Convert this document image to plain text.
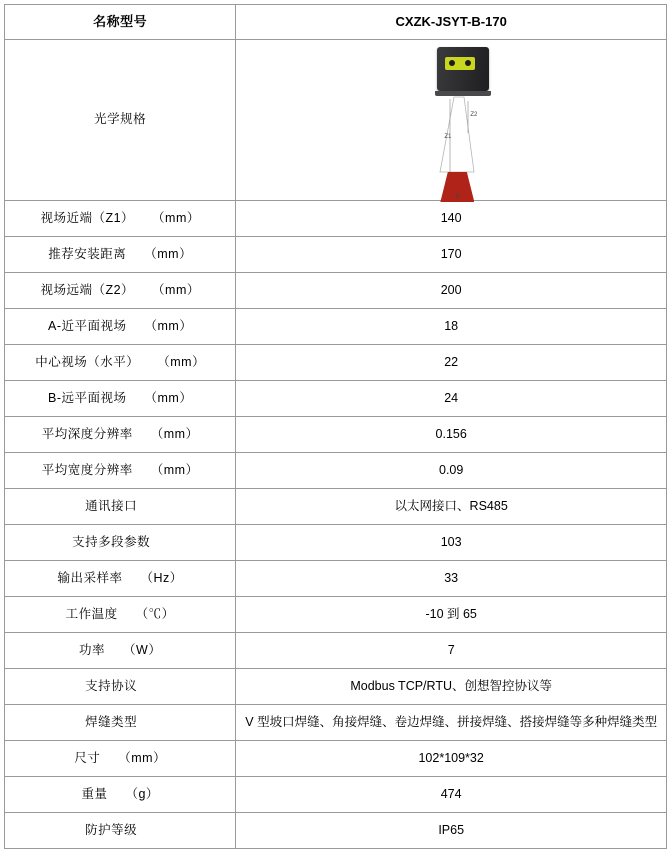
名称型号	CXZK-JSYT-B-170
光学规格	Z1
Z2
B

视场近端（Z1） （mm）	140
推荐安装距离 （mm）	170
视场远端（Z2） （mm）	200
A-近平面视场 （mm）	18
中心视场（水平） （mm）	22
B-远平面视场 （mm）	24
平均深度分辨率 （mm）	0.156
平均宽度分辨率 （mm）	0.09
通讯接口	以太网接口、RS485
支持多段参数	103
输出采样率 （Hz）	33
工作温度 （℃）	-10 到 65
功率 （W）	7
支持协议	Modbus TCP/RTU、创想智控协议等
焊缝类型	V 型坡口焊缝、角接焊缝、卷边焊缝、拼接焊缝、搭接焊缝等多种焊缝类型
尺寸 （mm）	102*109*32
重量 （g）	474
防护等级	IP65
